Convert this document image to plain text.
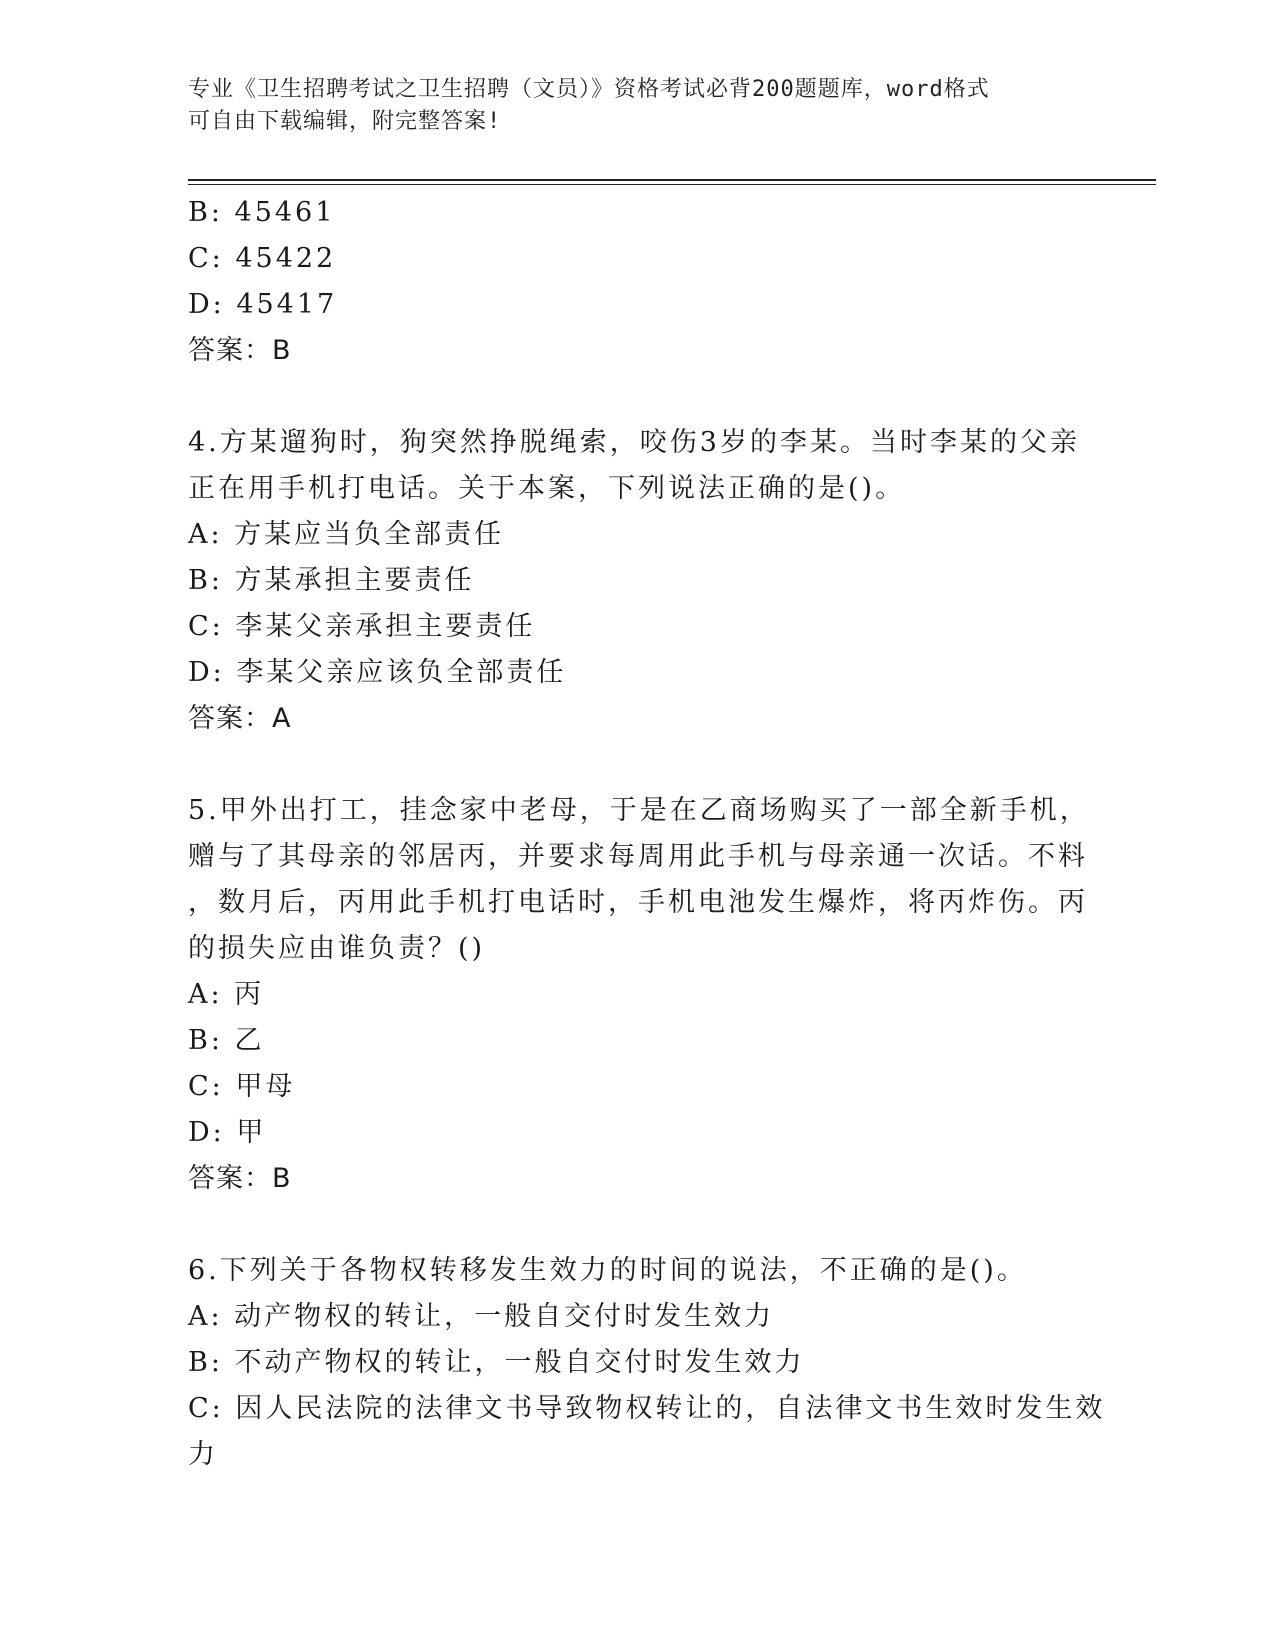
专业《卫生招聘考试之卫生招聘（文员）》资格考试必背200题题库，word格式
可自由下载编辑，附完整答案!
B: 45461
C: 45422
D: 45417
答案：B
4.方某遛狗时，狗突然挣脱绳索，咬伤3岁的李某。当时李某的父亲
正在用手机打电话。关于本案，下列说法正确的是()。
A: 方某应当负全部责任
B: 方某承担主要责任
C: 李某父亲承担主要责任
D: 李某父亲应该负全部责任
答案：A
5.甲外出打工，挂念家中老母，于是在乙商场购买了一部全新手机，
赠与了其母亲的邻居丙，并要求每周用此手机与母亲通一次话。不料
，数月后，丙用此手机打电话时，手机电池发生爆炸，将丙炸伤。丙
的损失应由谁负责？()
A: 丙
B: 乙
C: 甲母
D: 甲
答案：B
6.下列关于各物权转移发生效力的时间的说法，不正确的是()。
A: 动产物权的转让，一般自交付时发生效力
B: 不动产物权的转让，一般自交付时发生效力
C: 因人民法院的法律文书导致物权转让的，自法律文书生效时发生效
力
